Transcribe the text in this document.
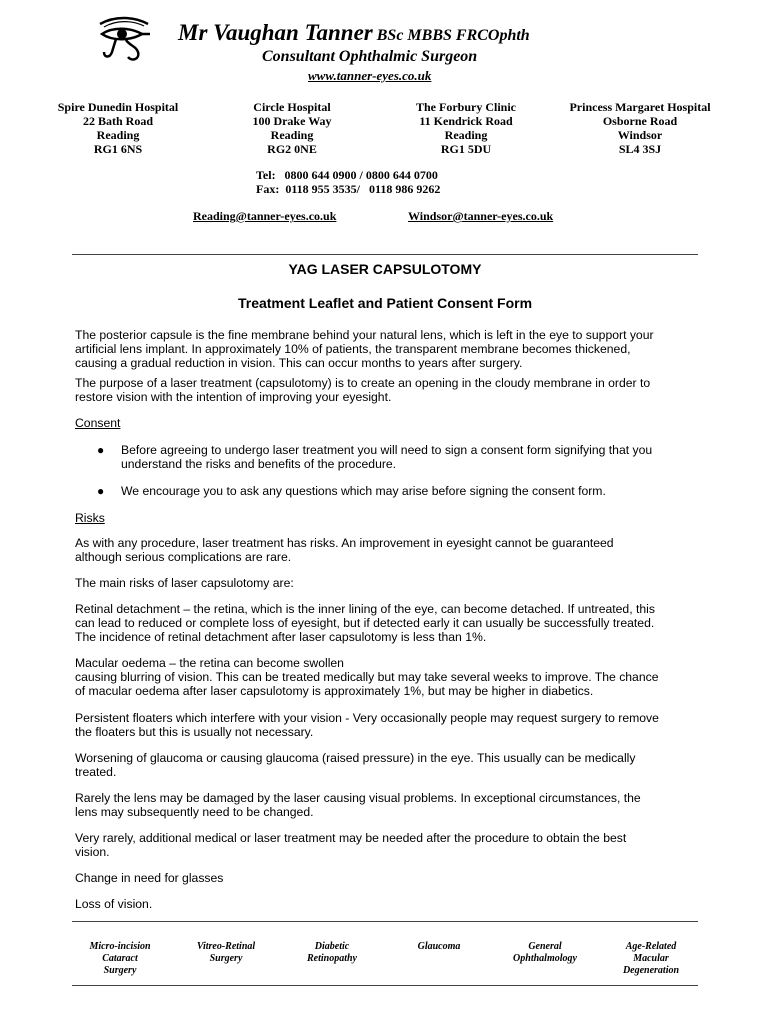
Mr Vaughan Tanner BSc MBBS FRCOphth
Consultant Ophthalmic Surgeon
www.tanner-eyes.co.uk
Spire Dunedin Hospital
22 Bath Road
Reading
RG1 6NS
Circle Hospital
100 Drake Way
Reading
RG2 0NE
The Forbury Clinic
11 Kendrick Road
Reading
RG1 5DU
Princess Margaret Hospital
Osborne Road
Windsor
SL4 3SJ
Tel:   0800 644 0900 / 0800 644 0700
Fax:  0118 955 3535/   0118 986 9262
Reading@tanner-eyes.co.uk	Windsor@tanner-eyes.co.uk
YAG LASER CAPSULOTOMY
Treatment Leaflet and Patient Consent Form
The posterior capsule is the fine membrane behind your natural lens, which is left in the eye to support your
artificial lens implant. In approximately 10% of patients, the transparent membrane becomes thickened,
causing a gradual reduction in vision. This can occur months to years after surgery.
The purpose of a laser treatment (capsulotomy) is to create an opening in the cloudy membrane in order to
restore vision with the intention of improving your eyesight.
Consent
● Before agreeing to undergo laser treatment you will need to sign a consent form signifying that you
understand the risks and benefits of the procedure.
● We encourage you to ask any questions which may arise before signing the consent form.
Risks
As with any procedure, laser treatment has risks. An improvement in eyesight cannot be guaranteed
although serious complications are rare.
The main risks of laser capsulotomy are:
Retinal detachment – the retina, which is the inner lining of the eye, can become detached. If untreated, this
can lead to reduced or complete loss of eyesight, but if detected early it can usually be successfully treated.
The incidence of retinal detachment after laser capsulotomy is less than 1%.
Macular oedema – the retina can become swollen
causing blurring of vision. This can be treated medically but may take several weeks to improve. The chance
of macular oedema after laser capsulotomy is approximately 1%, but may be higher in diabetics.
Persistent floaters which interfere with your vision - Very occasionally people may request surgery to remove
the floaters but this is usually not necessary.
Worsening of glaucoma or causing glaucoma (raised pressure) in the eye. This usually can be medically
treated.
Rarely the lens may be damaged by the laser causing visual problems. In exceptional circumstances, the
lens may subsequently need to be changed.
Very rarely, additional medical or laser treatment may be needed after the procedure to obtain the best
vision.
Change in need for glasses
Loss of vision.
Micro-incision
Cataract
Surgery
Vitreo-Retinal
Surgery
Diabetic
Retinopathy
Glaucoma	General
Ophthalmology
Age-Related
Macular
Degeneration
